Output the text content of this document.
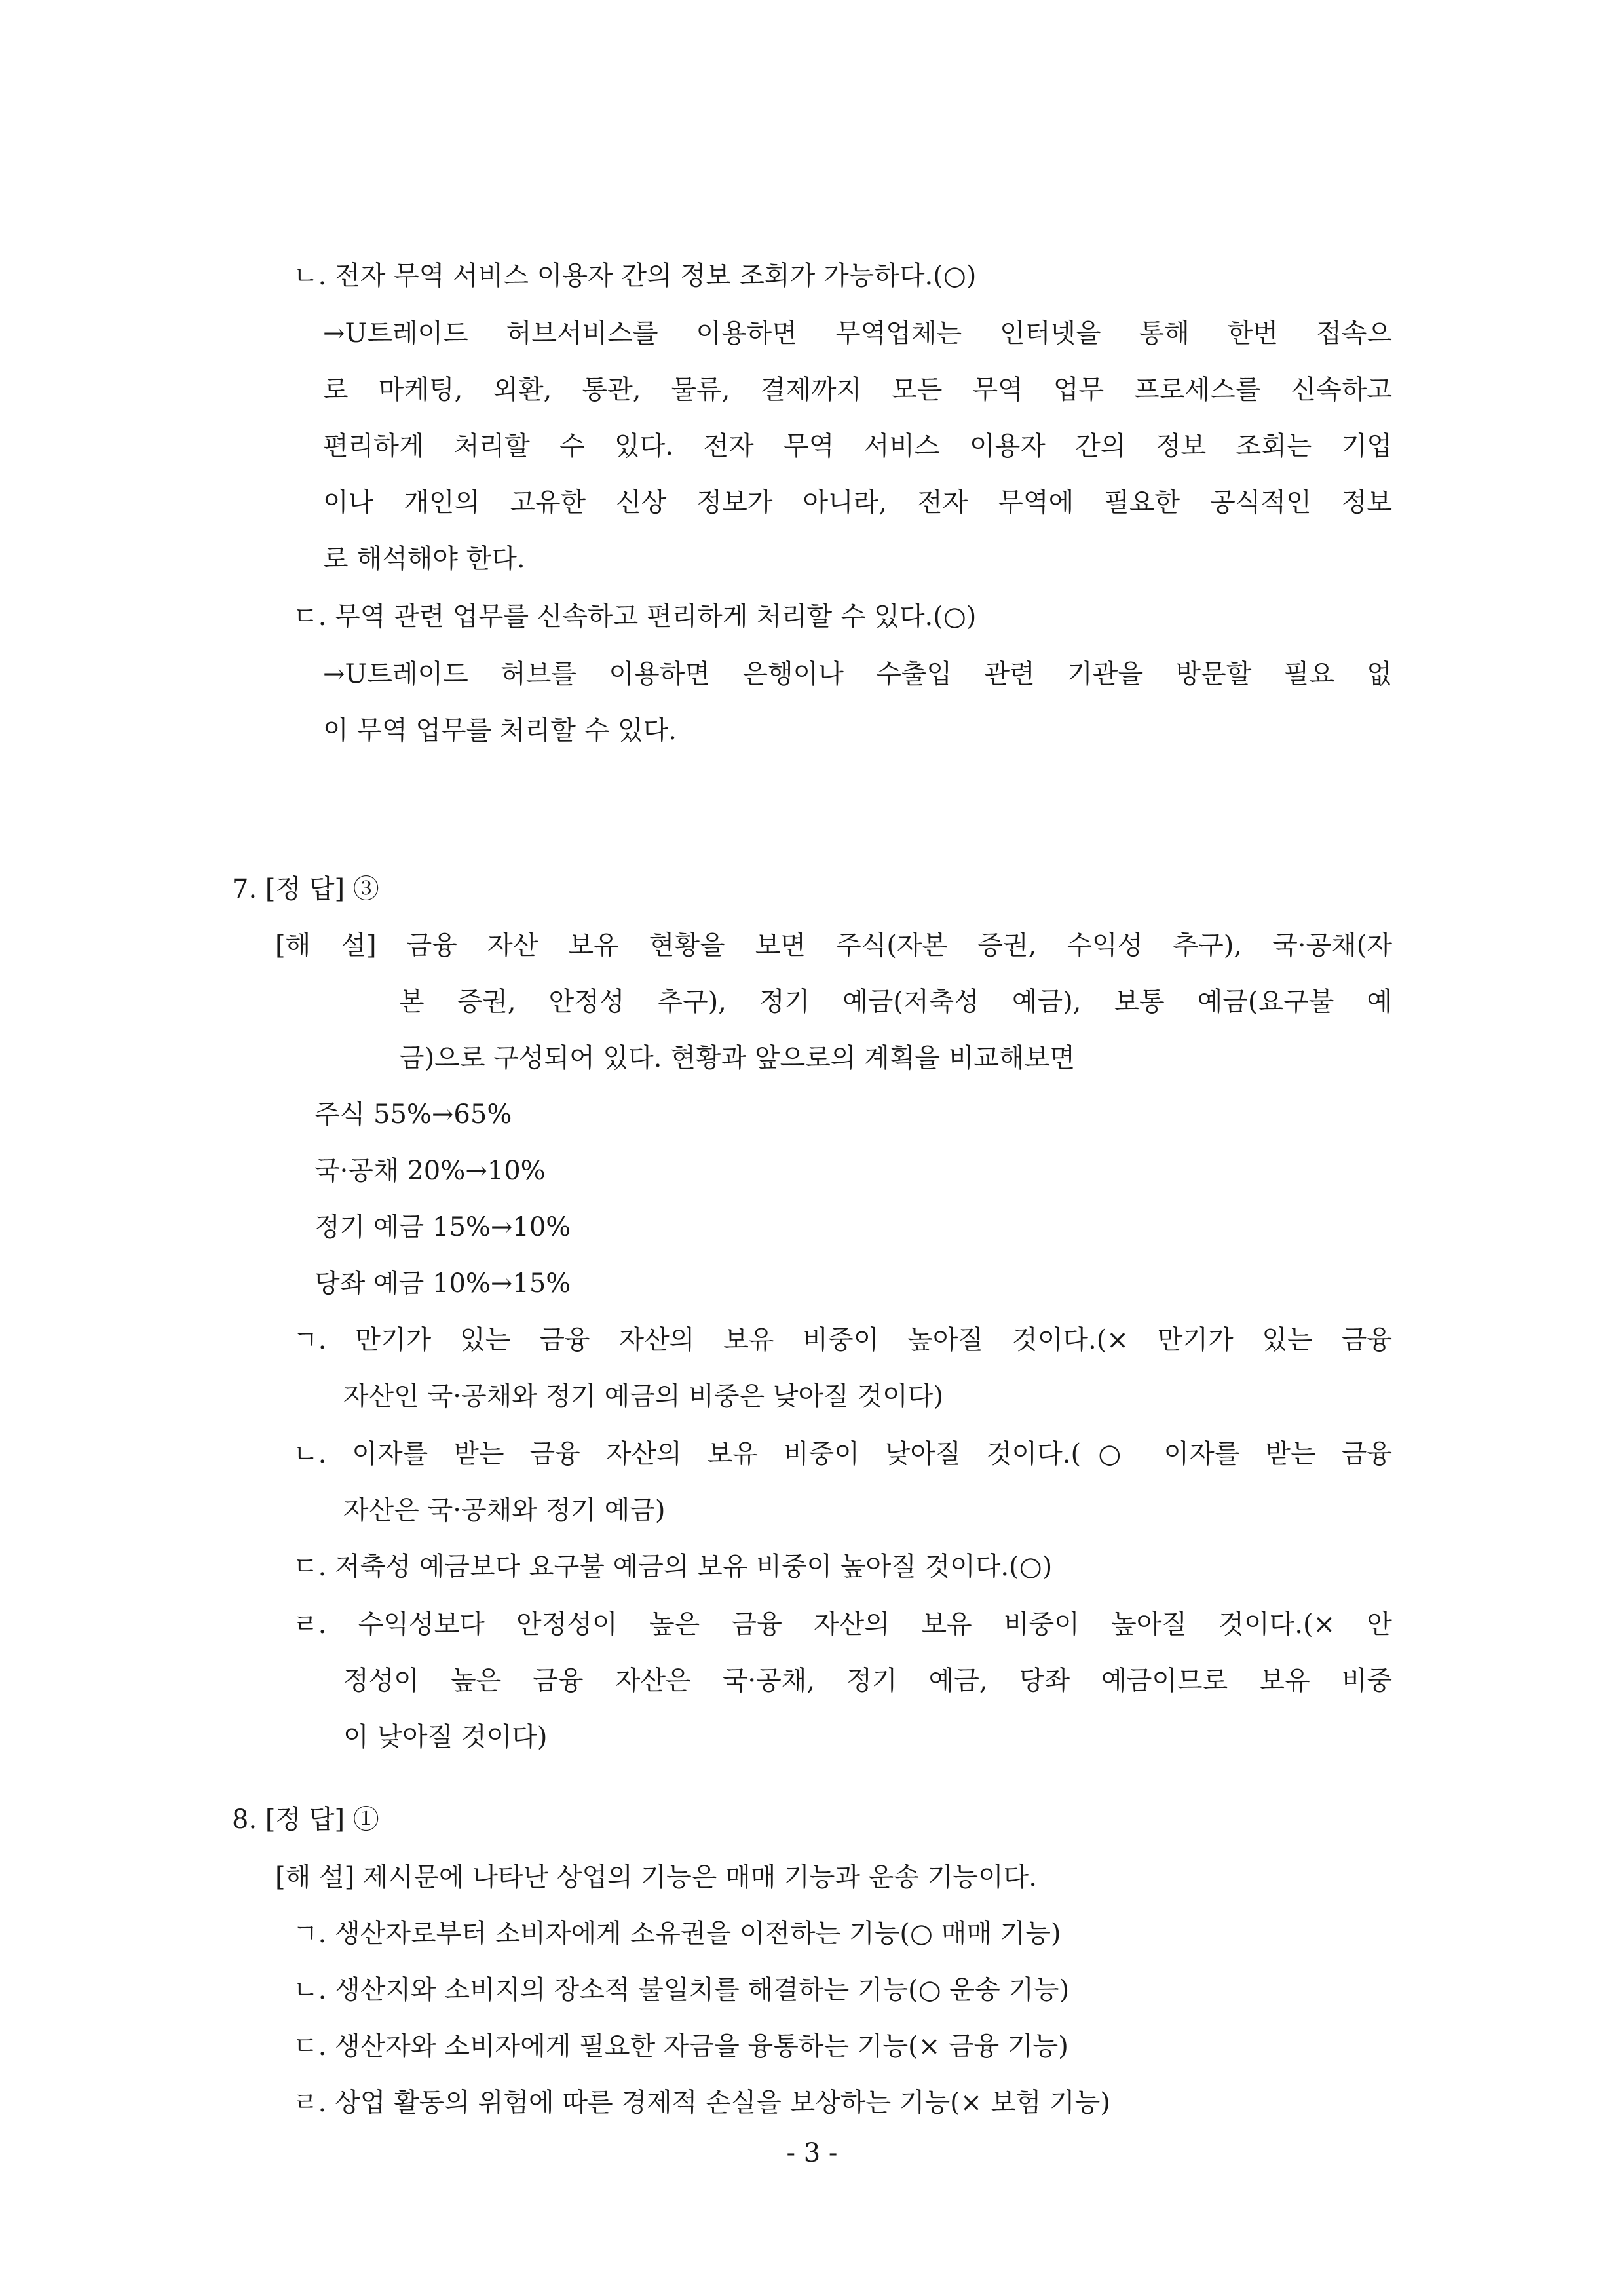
ㄴ. 전자 무역 서비스 이용자 간의 정보 조회가 가능하다.(○)
→U트레이드 허브서비스를 이용하면 무역업체는 인터넷을 통해 한번 접속으
로 마케팅, 외환, 통관, 물류, 결제까지 모든 무역 업무 프로세스를 신속하고
편리하게 처리할 수 있다. 전자 무역 서비스 이용자 간의 정보 조회는 기업
이나 개인의 고유한 신상 정보가 아니라, 전자 무역에 필요한 공식적인 정보
로 해석해야 한다.
ㄷ. 무역 관련 업무를 신속하고 편리하게 처리할 수 있다.(○)
→U트레이드 허브를 이용하면 은행이나 수출입 관련 기관을 방문할 필요 없
이 무역 업무를 처리할 수 있다.
7. [정 답] ③
[해 설] 금융 자산 보유 현황을 보면 주식(자본 증권, 수익성 추구), 국·공채(자
본 증권, 안정성 추구), 정기 예금(저축성 예금), 보통 예금(요구불 예
금)으로 구성되어 있다. 현황과 앞으로의 계획을 비교해보면
주식 55%→65%
국·공채 20%→10%
정기 예금 15%→10%
당좌 예금 10%→15%
ㄱ. 만기가 있는 금융 자산의 보유 비중이 높아질 것이다.(× 만기가 있는 금융
자산인 국·공채와 정기 예금의 비중은 낮아질 것이다)
ㄴ. 이자를 받는 금융 자산의 보유 비중이 낮아질 것이다.(○ 이자를 받는 금융
자산은 국·공채와 정기 예금)
ㄷ. 저축성 예금보다 요구불 예금의 보유 비중이 높아질 것이다.(○)
ㄹ. 수익성보다 안정성이 높은 금융 자산의 보유 비중이 높아질 것이다.(× 안
정성이 높은 금융 자산은 국·공채, 정기 예금, 당좌 예금이므로 보유 비중
이 낮아질 것이다)
8. [정 답] ①
[해 설] 제시문에 나타난 상업의 기능은 매매 기능과 운송 기능이다.
ㄱ. 생산자로부터 소비자에게 소유권을 이전하는 기능(○ 매매 기능)
ㄴ. 생산지와 소비지의 장소적 불일치를 해결하는 기능(○ 운송 기능)
ㄷ. 생산자와 소비자에게 필요한 자금을 융통하는 기능(× 금융 기능)
ㄹ. 상업 활동의 위험에 따른 경제적 손실을 보상하는 기능(× 보험 기능)
- 3 -
